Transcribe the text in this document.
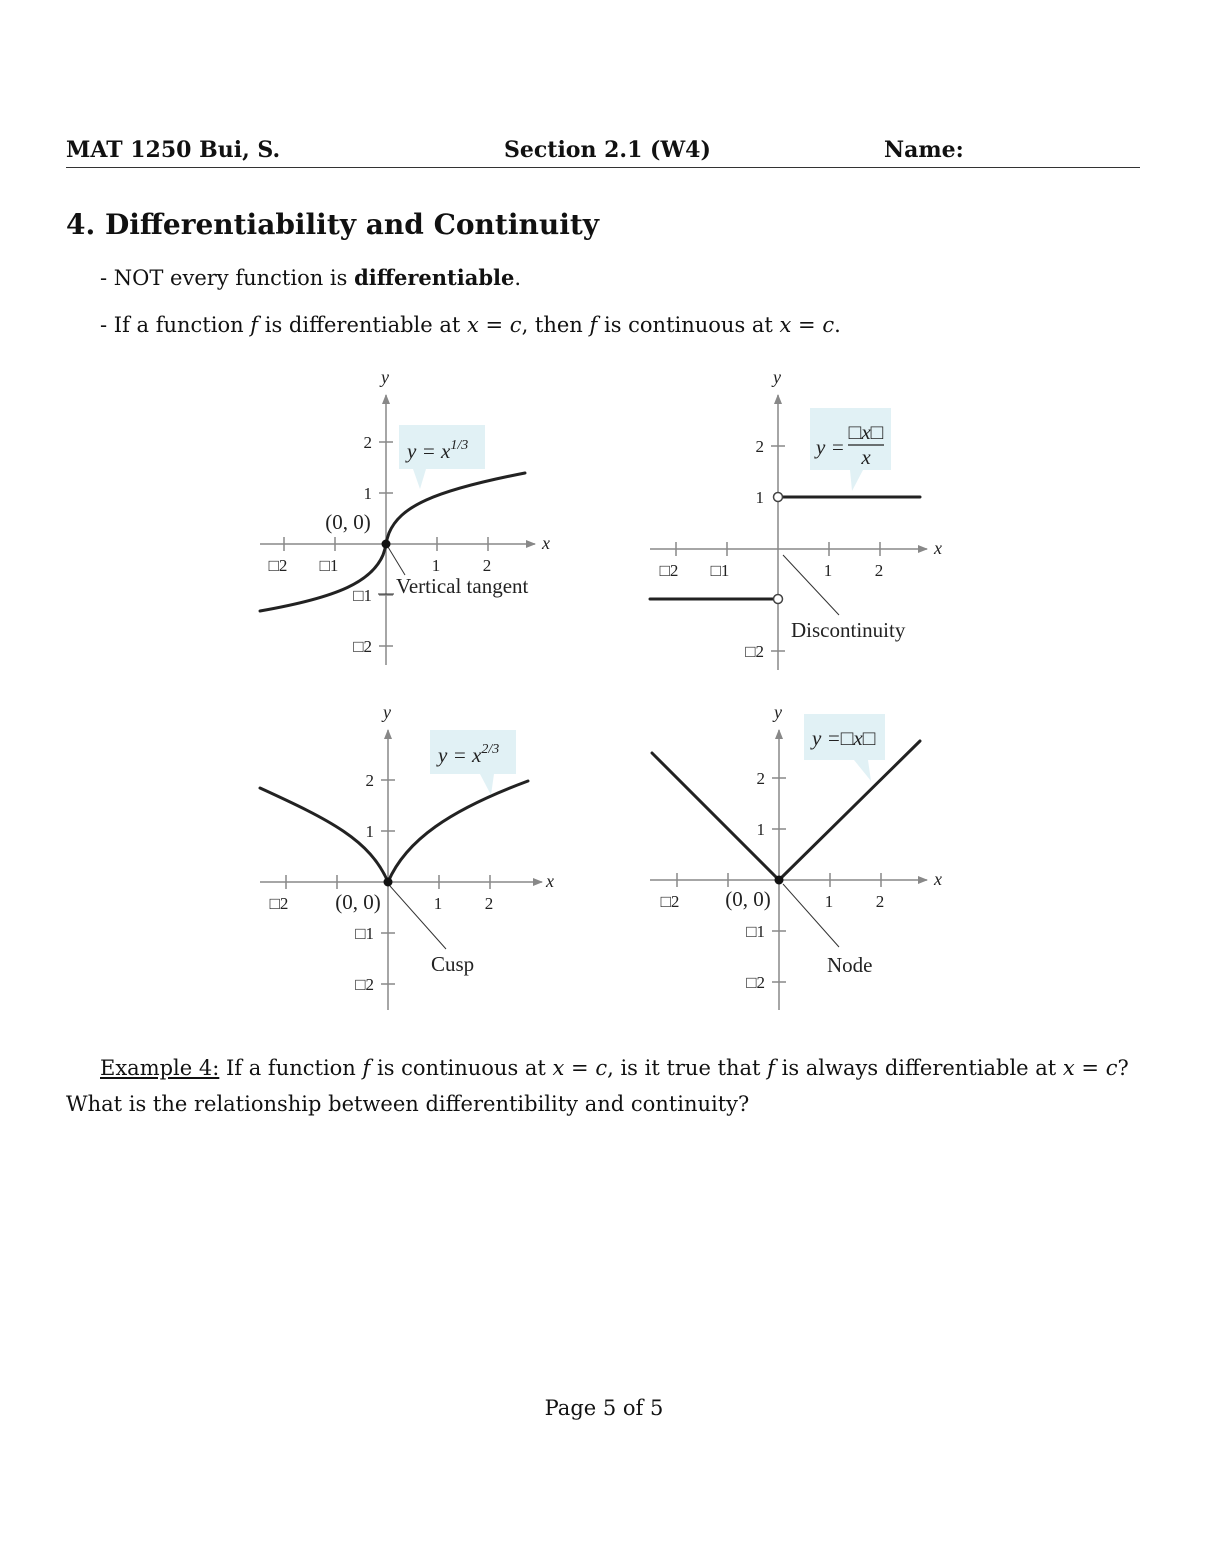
MAT 1250 Bui, S.	Section 2.1 (W4)	Name:
4. Differentiability and Continuity
- NOT every function is differentiable.
- If a function f is differentiable at x = c, then f is continuous at x = c.
□2 □1	1	2
2
1
□1
□2
x
y
(0, 0)
$y = x^{1/3}$
Vertical tangent
□2 □1	1	2
2
1
□2
x
y
y =
□x□
x
Discontinuity
□2	1	2
2
1
□1
□2
x
y
(0, 0)
$y = x^{2/3}$
Cusp
□2	1	2
2
1
□1
□2
x
y
(0, 0)
y =□x□
Node

Example 4: If a function f is continuous at x = c, is it true that f is always differentiable at x = c? What is the relationship between differentibility and continuity?

Page 5 of 5
